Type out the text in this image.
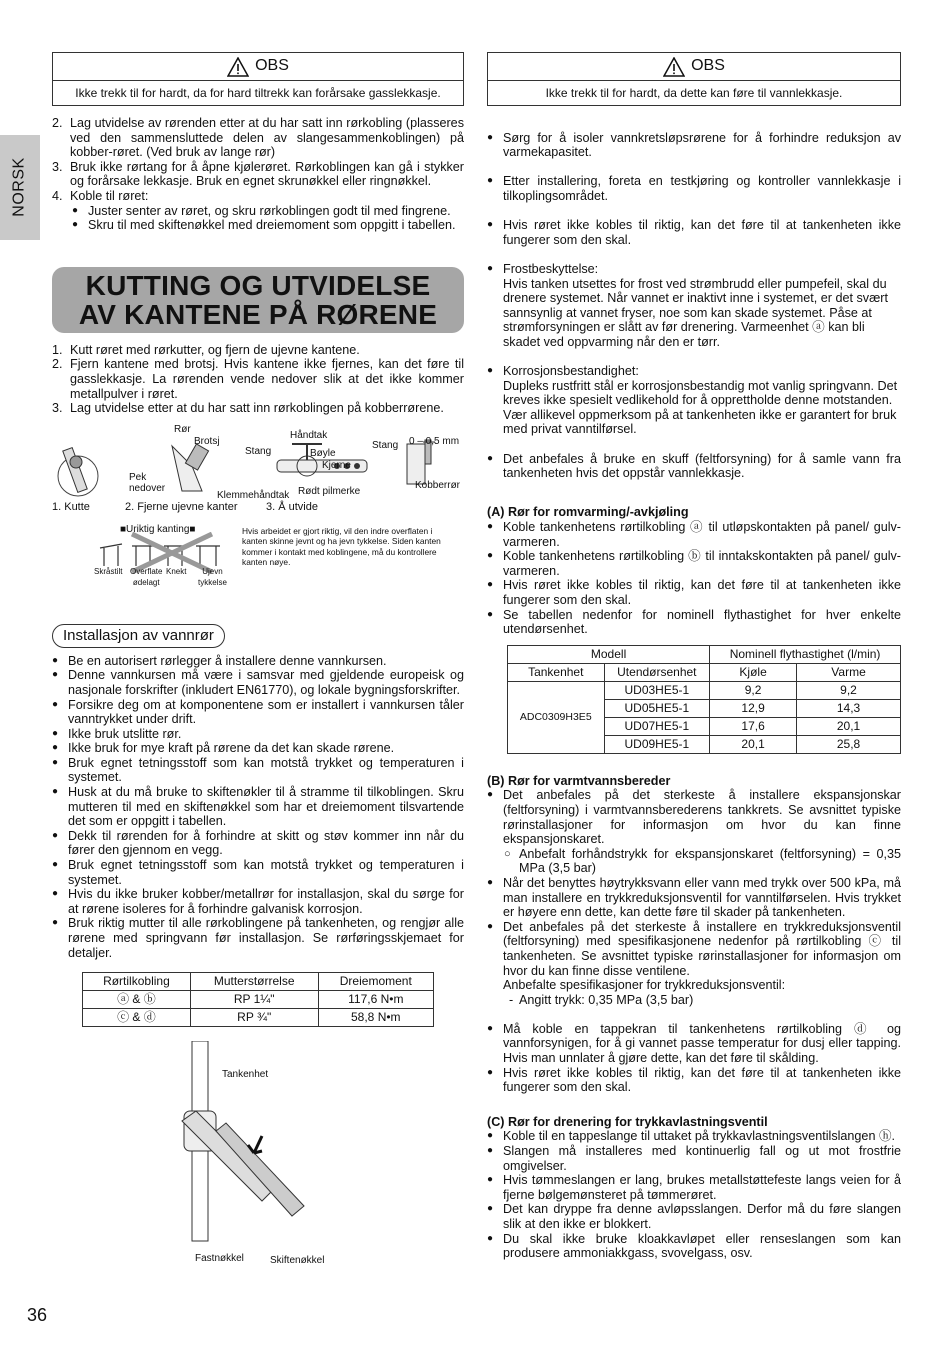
NORSK
OBS
Ikke trekk til for hardt, da for hard tiltrekk kan forårsake gasslekkasje.
2. Lag utvidelse av rørenden etter at du har satt inn rørkobling (plasseres ved den sammensluttede delen av slangesammenkoblingen) på kobber-røret. (Ved bruk av lange rør)
3. Bruk ikke rørtang for å åpne kjølerøret. Rørkoblingen kan gå i stykker og forårsake lekkasje. Bruk en egnet skrunøkkel eller ringnøkkel.
4. Koble til røret:
● Juster senter av røret, og skru rørkoblingen godt til med fingrene.
● Skru til med skiftenøkkel med dreiemoment som oppgitt i tabellen.
KUTTING OG UTVIDELSE
AV KANTENE PÅ RØRENE
1. Kutt røret med rørkutter, og fjern de ujevne kantene.
2. Fjern kantene med brotsj. Hvis kantene ikke fjernes, kan det føre til gasslekkasje. La rørenden vende nedover slik at det ikke kommer metallpulver i røret.
3. Lag utvidelse etter at du har satt inn rørkoblingen på kobberrørene.
Rør
Brotsj
Håndtak
Stang	Bøyle
Kjerne
Pek
nedover
Klemmehåndtak Rødt pilmerke
Stang 0 – 0,5 mm
Kobberrør
1. Kutte	2. Fjerne ujevne kanter	3. Å utvide
■Uriktig kanting■
Skråstilt Overflate
ødelagt
Knekt	Ujevn
tykkelse
Hvis arbeidet er gjort riktig, vil den indre overflaten i kanten skinne jevnt og ha jevn tykkelse. Siden kanten kommer i kontakt med koblingene, må du kontrollere kanten nøye.
Installasjon av vannrør
● Be en autorisert rørlegger å installere denne vannkursen.
● Denne vannkursen må være i samsvar med gjeldende europeisk og nasjonale forskrifter (inkludert EN61770), og lokale bygningsforskrifter.
● Forsikre deg om at komponentene som er installert i vannkursen tåler vanntrykket under drift.
● Ikke bruk utslitte rør.
● Ikke bruk for mye kraft på rørene da det kan skade rørene.
● Bruk egnet tetningsstoff som kan motstå trykket og temperaturen i systemet.
● Husk at du må bruke to skiftenøkler til å stramme til tilkoblingen. Skru mutteren til med en skiftenøkkel som har et dreiemoment tilsvartende det som er oppgitt i tabellen.
● Dekk til rørenden for å forhindre at skitt og støv kommer inn når du fører den gjennom en vegg.
● Bruk egnet tetningsstoff som kan motstå trykket og temperaturen i systemet.
● Hvis du ikke bruker kobber/metallrør for installasjon, skal du sørge for at rørene isoleres for å forhindre galvanisk korrosjon.
● Bruk riktig mutter til alle rørkoblingene på tankenheten, og rengjør alle rørene med springvann før installasjon. Se rørføringsskjemaet for detaljer.
Rørtilkobling	Mutterstørrelse	Dreiemoment
ⓐ & ⓑ	RP 1¼"	117,6 N•m
ⓒ & ⓓ	RP ¾"	58,8 N•m
Tankenhet
Fastnøkkel	Skiftenøkkel
OBS
Ikke trekk til for hardt, da dette kan føre til vannlekkasje.

● Sørg for å isoler vannkretsløpsrørene for å forhindre reduksjon av varmekapasitet.

● Etter installering, foreta en testkjøring og kontroller vannlekkasje i tilkoplingsområdet.

● Hvis røret ikke kobles til riktig, kan det føre til at tankenheten ikke fungerer som den skal.

● Frostbeskyttelse:
Hvis tanken utsettes for frost ved strømbrudd eller pumpefeil, skal du drenere systemet. Når vannet er inaktivt inne i systemet, er det svært sannsynlig at vannet fryser, noe som kan skade systemet. Påse at strømforsyningen er slått av før drenering. Varmeenhet ⓐ kan bli skadet ved oppvarming når den er tørr.

● Korrosjonsbestandighet:
Dupleks rustfritt stål er korrosjonsbestandig mot vanlig springvann. Det kreves ikke spesielt vedlikehold for å opprettholde denne motstanden. Vær allikevel oppmerksom på at tankenheten ikke er garantert for bruk med privat vanntilførsel.

● Det anbefales å bruke en skuff (feltforsyning) for å samle vann fra tankenheten hvis det oppstår vannlekkasje.

(A) Rør for romvarming/-avkjøling
● Koble tankenhetens rørtilkobling ⓐ til utløpskontakten på panel/ gulv-varmeren.
● Koble tankenhetens rørtilkobling ⓑ til inntakskontakten på panel/ gulv-varmeren.
● Hvis røret ikke kobles til riktig, kan det føre til at tankenheten ikke fungerer som den skal.
● Se tabellen nedenfor for nominell flythastighet for hver enkelte utendørsenhet.
Modell		Nominell flythastighet (l/min)	
Tankenhet	Utendørsenhet	Kjøle	Varme
ADC0309H3E5	UD03HE5-1	9,2	9,2
	UD05HE5-1	12,9	14,3
	UD07HE5-1	17,6	20,1
	UD09HE5-1	20,1	25,8
(B) Rør for varmtvannsbereder
● Det anbefales på det sterkeste å installere ekspansjonskar (feltforsyning) i varmtvannsberederens tankkrets. Se avsnittet typiske rørinstallasjoner for informasjon om hvor du kan finne ekspansjonskaret.
○ Anbefalt forhåndstrykk for ekspansjonskaret (feltforsyning) = 0,35 MPa (3,5 bar)
● Når det benyttes høytrykksvann eller vann med trykk over 500 kPa, må man installere en trykkreduksjonsventil for vanntilførselen. Hvis trykket er høyere enn dette, kan dette føre til skader på tankenheten.
● Det anbefales på det sterkeste å installere en trykkreduksjonsventil (feltforsyning) med spesifikasjonene nedenfor på rørtilkobling ⓒ til tankenheten. Se avsnittet typiske rørinstallasjoner for informasjon om hvor du kan finne disse ventilene.
Anbefalte spesifikasjoner for trykkreduksjonsventil:

- Angitt trykk: 0,35 MPa (3,5 bar)

● Må koble en tappekran til tankenhetens rørtilkobling ⓓ og vannforsynigen, for å gi vannet passe temperatur for dusj eller tapping. Hvis man unnlater å gjøre dette, kan det føre til skålding.
● Hvis røret ikke kobles til riktig, kan det føre til at tankenheten ikke fungerer som den skal.
(C) Rør for drenering for trykkavlastningsventil
● Koble til en tappeslange til uttaket på trykkavlastningsventilslangen ⓗ.
● Slangen må installeres med kontinuerlig fall og ut mot frostfrie omgivelser.
● Hvis tømmeslangen er lang, brukes metallstøttefeste langs veien for å fjerne bølgemønsteret på tømmerøret.
● Det kan dryppe fra denne avløpsslangen. Derfor må du føre slangen slik at den ikke er blokkert.
● Du skal ikke bruke kloakkavløpet eller renseslangen som kan produsere ammoniakkgass, svovelgass, osv.
36
